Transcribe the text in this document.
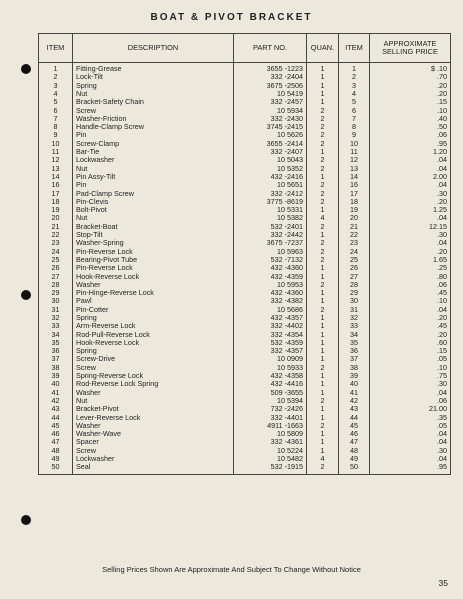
BOAT & PIVOT BRACKET
ITEM	DESCRIPTION	PART NO.	QUAN.	ITEM	APPROXIMATE SELLING PRICE
1	Fitting-Grease	3655 -1223	1	1	$ .10
2	Lock-Tilt	332 -2404	1	2	.70
3	Spring	3675 -2506	1	3	.20
4	Nut	10 5419	1	4	.20
5	Bracket-Safety Chain	332 -2457	1	5	.15
6	Screw	10 5934	2	6	.10
7	Washer-Friction	332 -2430	2	7	.40
8	Handle-Clamp Screw	3745 -2415	2	8	.50
9	Pin	10 5626	2	9	.06
10	Screw-Clamp	3655 -2414	2	10	.95
11	Bar-Tie	332 -2407	1	11	1.20
12	Lockwasher	10 5043	2	12	.04
13	Nut	10 5352	2	13	.04
14	Pin Assy-Tilt	432 -2416	1	14	2.00
16	Pin	10 5651	2	16	.04
17	Pad-Clamp Screw	332 -2412	2	17	.30
18	Pin-Clevis	3775 -8619	2	18	.20
19	Bolt-Pivot	10 5331	1	19	1.25
20	Nut	10 5382	4	20	.04
21	Bracket-Boat	532 -2401	2	21	12.15
22	Stop-Tilt	332 -2442	1	22	.30
23	Washer-Spring	3675 -7237	2	23	.04
24	Pin-Reverse Lock	10 5963	2	24	.20
25	Bearing-Pivot Tube	532 -7132	2	25	1.65
26	Pin-Reverse Lock	432 -4360	1	26	.25
27	Hook-Reverse Lock	432 -4359	1	27	.80
28	Washer	10 5953	2	28	.06
29	Pin-Hinge-Reverse Lock	432 -4360	1	29	.45
30	Pawl	332 -4382	1	30	.10
31	Pin-Cotter	10 5686	2	31	.04
32	Spring	432 -4357	1	32	.20
33	Arm-Reverse Lock	332 -4402	1	33	.45
34	Rod-Pull-Reverse Lock	332 -4354	1	34	.20
35	Hook-Reverse Lock	532 -4359	1	35	.60
36	Spring	332 -4357	1	36	.15
37	Screw-Drive	10 0909	1	37	.05
38	Screw	10 5933	2	38	.10
39	Spring-Reverse Lock	432 -4358	1	39	.75
40	Rod-Reverse Lock Spring	432 -4416	1	40	.30
41	Washer	509 -3655	1	41	.04
42	Nut	10 5394	2	42	.06
43	Bracket-Pivot	732 -2426	1	43	21.00
44	Lever-Reverse Lock	332 -4401	1	44	.35
45	Washer	4911 -1663	2	45	.05
46	Washer-Wave	10 5809	1	46	.04
47	Spacer	332 -4361	1	47	.04
48	Screw	10 5224	1	48	.30
49	Lockwasher	10 5482	4	49	.04
50	Seal	532 -1915	2	50	.95
Selling Prices Shown Are Approximate And Subject To Change Without Notice
35
